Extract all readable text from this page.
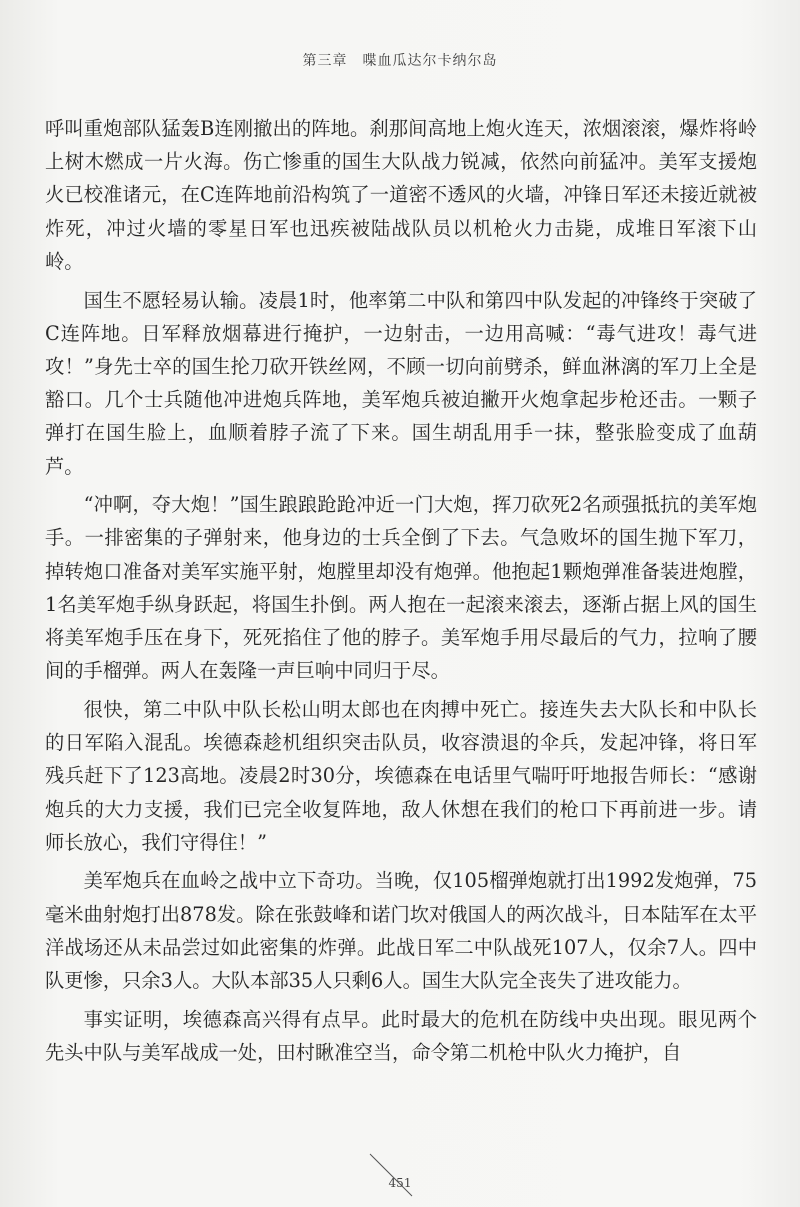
第三章　喋血瓜达尔卡纳尔岛

呼叫重炮部队猛轰B连刚撤出的阵地。刹那间高地上炮火连天，浓烟滚滚，爆炸将岭上树木燃成一片火海。伤亡惨重的国生大队战力锐减，依然向前猛冲。美军支援炮火已校准诸元，在C连阵地前沿构筑了一道密不透风的火墙，冲锋日军还未接近就被炸死，冲过火墙的零星日军也迅疾被陆战队员以机枪火力击毙，成堆日军滚下山岭。

国生不愿轻易认输。凌晨1时，他率第二中队和第四中队发起的冲锋终于突破了C连阵地。日军释放烟幕进行掩护，一边射击，一边用高喊：“毒气进攻！毒气进攻！”身先士卒的国生抡刀砍开铁丝网，不顾一切向前劈杀，鲜血淋漓的军刀上全是豁口。几个士兵随他冲进炮兵阵地，美军炮兵被迫撇开火炮拿起步枪还击。一颗子弹打在国生脸上，血顺着脖子流了下来。国生胡乱用手一抹，整张脸变成了血葫芦。

“冲啊，夺大炮！”国生踉踉跄跄冲近一门大炮，挥刀砍死2名顽强抵抗的美军炮手。一排密集的子弹射来，他身边的士兵全倒了下去。气急败坏的国生抛下军刀，掉转炮口准备对美军实施平射，炮膛里却没有炮弹。他抱起1颗炮弹准备装进炮膛，1名美军炮手纵身跃起，将国生扑倒。两人抱在一起滚来滚去，逐渐占据上风的国生将美军炮手压在身下，死死掐住了他的脖子。美军炮手用尽最后的气力，拉响了腰间的手榴弹。两人在轰隆一声巨响中同归于尽。

很快，第二中队中队长松山明太郎也在肉搏中死亡。接连失去大队长和中队长的日军陷入混乱。埃德森趁机组织突击队员，收容溃退的伞兵，发起冲锋，将日军残兵赶下了123高地。凌晨2时30分，埃德森在电话里气喘吁吁地报告师长：“感谢炮兵的大力支援，我们已完全收复阵地，敌人休想在我们的枪口下再前进一步。请师长放心，我们守得住！”

美军炮兵在血岭之战中立下奇功。当晚，仅105榴弹炮就打出1992发炮弹，75毫米曲射炮打出878发。除在张鼓峰和诺门坎对俄国人的两次战斗，日本陆军在太平洋战场还从未品尝过如此密集的炸弹。此战日军二中队战死107人，仅余7人。四中队更惨，只余3人。大队本部35人只剩6人。国生大队完全丧失了进攻能力。

事实证明，埃德森高兴得有点早。此时最大的危机在防线中央出现。眼见两个先头中队与美军战成一处，田村瞅准空当，命令第二机枪中队火力掩护，自

451
